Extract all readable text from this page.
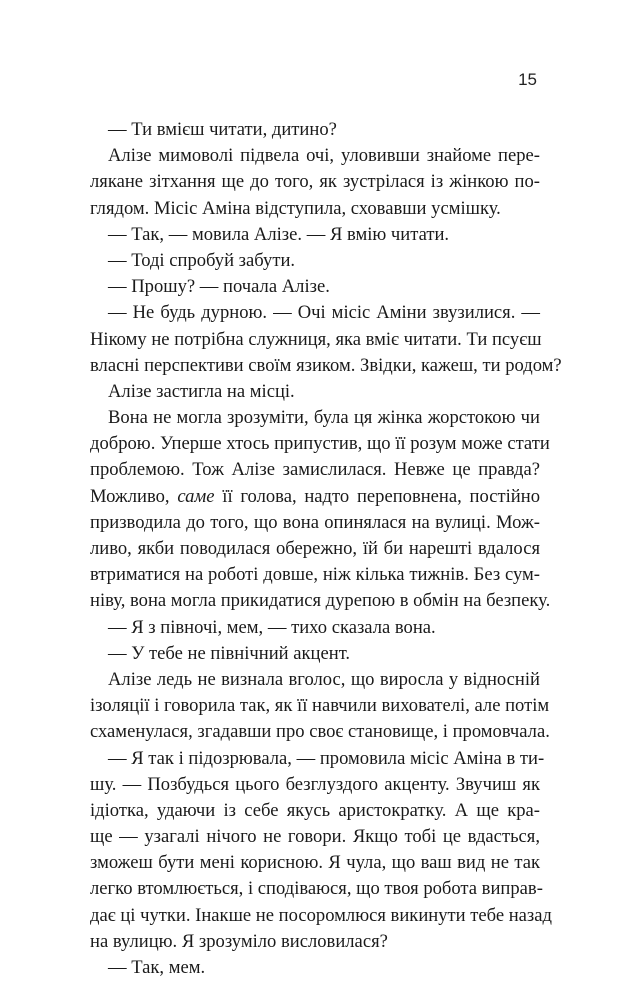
15
— Ти вмієш читати, дитино?
Алізе мимоволі підвела очі, уловивши знайоме пере-
лякане зітхання ще до того, як зустрілася із жінкою по-
глядом. Місіс Аміна відступила, сховавши усмішку.
— Так, — мовила Алізе. — Я вмію читати.
— Тоді спробуй забути.
— Прошу? — почала Алізе.
— Не будь дурною. — Очі місіс Аміни звузилися. —
Нікому не потрібна служниця, яка вміє читати. Ти псуєш
власні перспективи своїм язиком. Звідки, кажеш, ти родом?
Алізе застигла на місці.
Вона не могла зрозуміти, була ця жінка жорстокою чи
доброю. Уперше хтось припустив, що її розум може стати
проблемою. Тож Алізе замислилася. Невже це правда?
Можливо, саме її голова, надто переповнена, постійно
призводила до того, що вона опинялася на вулиці. Мож-
ливо, якби поводилася обережно, їй би нарешті вдалося
втриматися на роботі довше, ніж кілька тижнів. Без сум-
ніву, вона могла прикидатися дурепою в обмін на безпеку.
— Я з півночі, мем, — тихо сказала вона.
— У тебе не північний акцент.
Алізе ледь не визнала вголос, що виросла у відносній
ізоляції і говорила так, як її навчили вихователі, але потім
схаменулася, згадавши про своє становище, і промовчала.
— Я так і підозрювала, — промовила місіс Аміна в ти-
шу. — Позбудься цього безглуздого акценту. Звучиш як
ідіотка, удаючи із себе якусь аристократку. А ще кра-
ще — узагалі нічого не говори. Якщо тобі це вдасться,
зможеш бути мені корисною. Я чула, що ваш вид не так
легко втомлюється, і сподіваюся, що твоя робота виправ-
дає ці чутки. Інакше не посоромлюся викинути тебе назад
на вулицю. Я зрозуміло висловилася?
— Так, мем.
